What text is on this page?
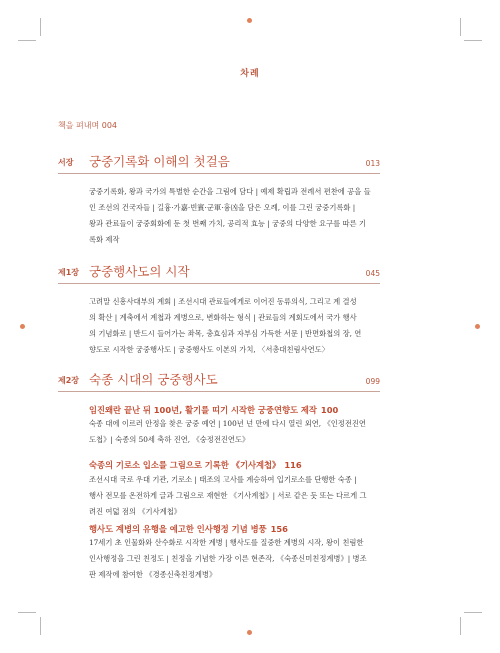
차례
책을 펴내며 004
서장 궁중기록화 이해의 첫걸음	013
궁중기록화, 왕과 국가의 특별한 순간을 그림에 담다 | 예제 확립과 전례서 편찬에 공을 들
인 조선의 건국자들 | 길흉·가嘉·빈賓·군軍·흉凶을 담은 오례, 이를 그린 궁중기록화 |
왕과 관료들이 궁중회화에 둔 첫 번째 가치, 공리적 효능 | 궁중의 다양한 요구를 따른 기
록화 제작
제1장 궁중행사도의 시작	045
고려말 신흥사대부의 계회 | 조선시대 관료들에게로 이어진 동류의식, 그리고 계 결성
의 확산 | 계축에서 계첩과 계병으로, 변화하는 형식 | 관료들의 계회도에서 국가 행사
의 기념화로 | 반드시 들어가는 좌목, 충효심과 자부심 가득한 서문 | 반면화첩의 장, 연
향도로 시작한 궁중행사도 | 궁중행사도 이본의 가치, 〈서총대친림사연도〉
제2장 숙종 시대의 궁중행사도	099
임진왜란 끝난 뒤 100년, 활기를 띠기 시작한 궁중연향도 제작 100
숙종 대에 이르러 안정을 찾은 궁중 예연 | 100년 넌 만에 다시 열린 외연, 《인정전진연
도첩》| 숙종의 50세 축하 진연, 《숭정전진연도》
숙종의 기로소 입소를 그림으로 기록한 《기사계첩》 116
조선시대 국로 우대 기관, 기로소 | 태조의 고사를 계승하여 입기로소를 단행한 숙종 |
행사 전모를 온전하게 글과 그림으로 재현한 《기사계첩》| 서로 같은 듯 또는 다르게 그
려진 여덟 점의 《기사계첩》
행사도 계병의 유행을 예고한 인사행정 기념 병풍 156
17세기 초 인물화와 산수화로 시작한 계병 | 행사도를 질중한 계병의 시작, 왕이 친림한
인사행정을 그린 친정도 | 친정을 기념한 가장 이른 현존작, 《숙종신미친정계병》| 병조
판 제작에 참여한 《경종신축친정계병》
